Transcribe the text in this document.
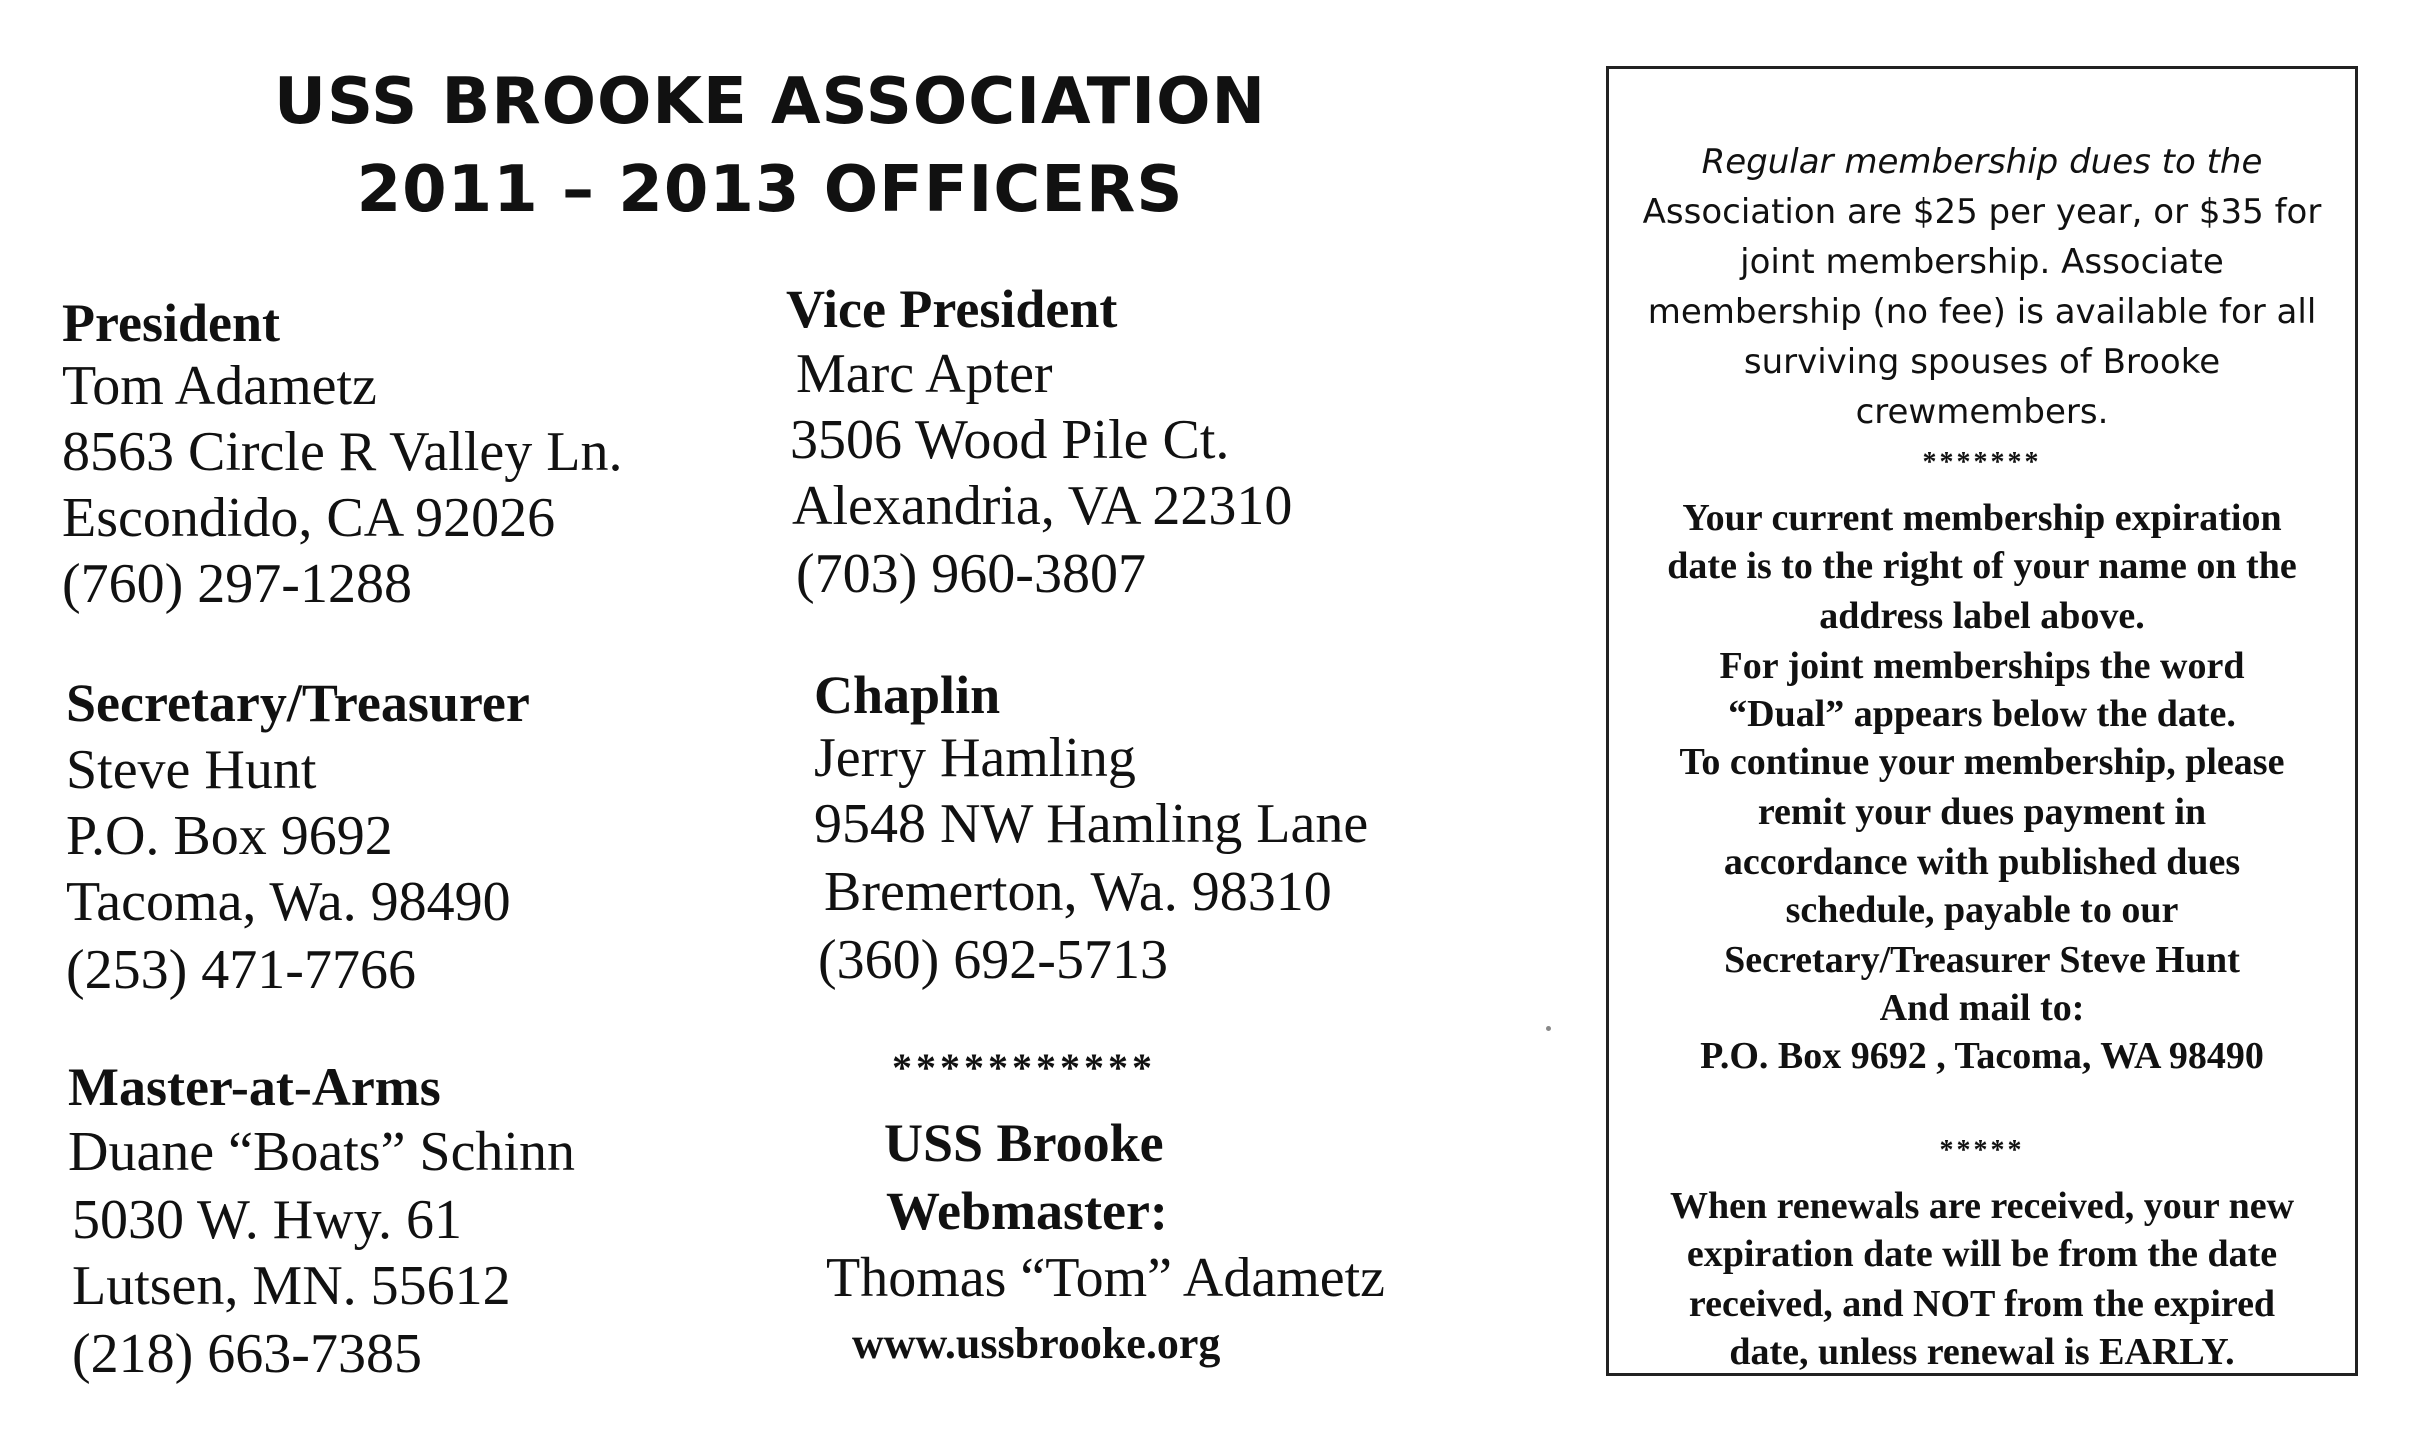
USS BROOKE ASSOCIATION
2011 – 2013 OFFICERS
President
Tom Adametz
8563 Circle R Valley Ln.
Escondido, CA 92026
(760) 297-1288
Vice President
Marc Apter
3506 Wood Pile Ct.
Alexandria, VA 22310
(703) 960-3807
Secretary/Treasurer
Steve Hunt
P.O. Box 9692
Tacoma, Wa. 98490
(253) 471-7766
Chaplin
Jerry Hamling
9548 NW Hamling Lane
Bremerton, Wa. 98310
(360) 692-5713
Master-at-Arms
Duane “Boats” Schinn
5030 W. Hwy. 61
Lutsen, MN. 55612
(218) 663-7385
***********
USS Brooke
Webmaster:
Thomas “Tom” Adametz
www.ussbrooke.org
Regular membership dues to the
Association are $25 per year, or $35 for
joint membership. Associate
membership (no fee) is available for all
surviving spouses of Brooke
crewmembers.
*******
Your current membership expiration
date is to the right of your name on the
address label above.
For joint memberships the word
“Dual” appears below the date.
To continue your membership, please
remit your dues payment in
accordance with published dues
schedule, payable to our
Secretary/Treasurer Steve Hunt
And mail to:
P.O. Box 9692 , Tacoma, WA 98490
*****
When renewals are received, your new
expiration date will be from the date
received, and NOT from the expired
date, unless renewal is EARLY.
